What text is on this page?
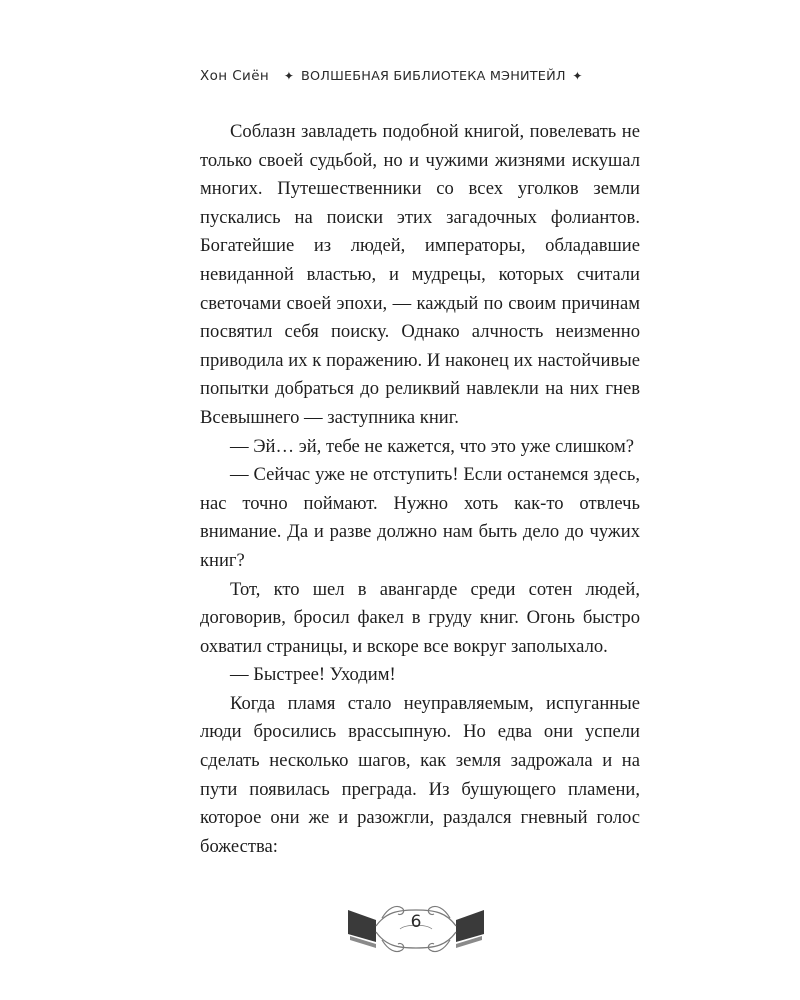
Хон Сиён ✦ ВОЛШЕБНАЯ БИБЛИОТЕКА МЭНИТЕЙЛ ✦

Соблазн завладеть подобной книгой, повелевать не только своей судьбой, но и чужими жизнями искушал многих. Путешественники со всех уголков земли пускались на поиски этих загадочных фолиантов. Богатейшие из людей, императоры, обладавшие невиданной властью, и мудрецы, которых считали светочами своей эпохи, — каждый по своим причинам посвятил себя поиску. Однако алчность неизменно приводила их к поражению. И наконец их настойчивые попытки добраться до реликвий навлекли на них гнев Всевышнего — заступника книг.

— Эй… эй, тебе не кажется, что это уже слишком?

— Сейчас уже не отступить! Если останемся здесь, нас точно поймают. Нужно хоть как-то отвлечь внимание. Да и разве должно нам быть дело до чужих книг?

Тот, кто шел в авангарде среди сотен людей, договорив, бросил факел в груду книг. Огонь быстро охватил страницы, и вскоре все вокруг заполыхало.

— Быстрее! Уходим!

Когда пламя стало неуправляемым, испуганные люди бросились врассыпную. Но едва они успели сделать несколько шагов, как земля задрожала и на пути появилась преграда. Из бушующего пламени, которое они же и разожгли, раздался гневный голос божества:

6
